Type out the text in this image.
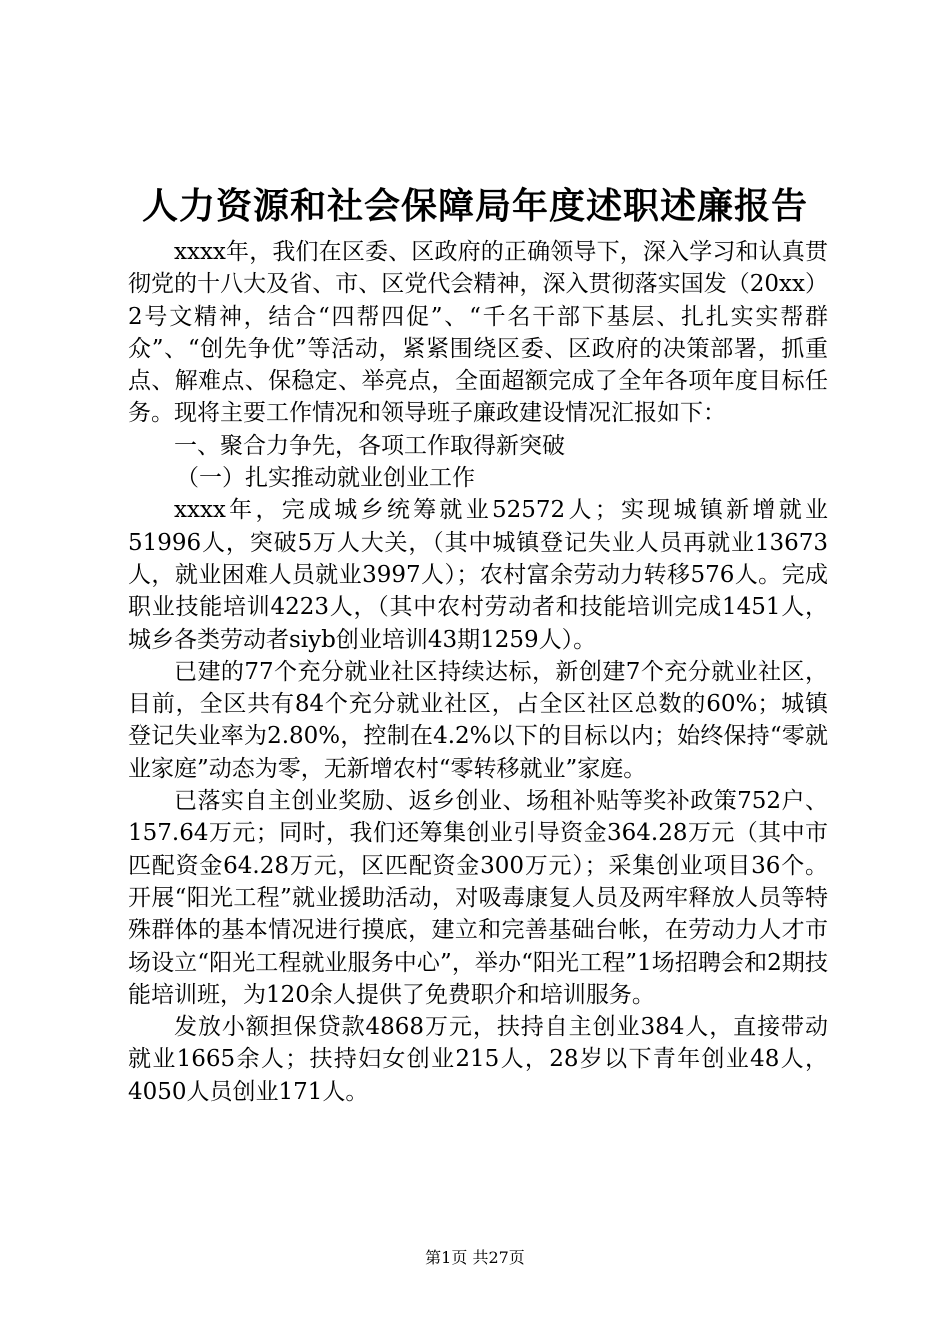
人力资源和社会保障局年度述职述廉报告

xxxx年，我们在区委、区政府的正确领导下，深入学习和认真贯彻党的十八大及省、市、区党代会精神，深入贯彻落实国发（20xx）2号文精神，结合“四帮四促”、“千名干部下基层、扎扎实实帮群众”、“创先争优”等活动，紧紧围绕区委、区政府的决策部署，抓重点、解难点、保稳定、举亮点，全面超额完成了全年各项年度目标任务。现将主要工作情况和领导班子廉政建设情况汇报如下：

一、聚合力争先，各项工作取得新突破

（一）扎实推动就业创业工作

xxxx年，完成城乡统筹就业52572人；实现城镇新增就业51996人，突破5万人大关，（其中城镇登记失业人员再就业13673人，就业困难人员就业3997人）；农村富余劳动力转移576人。完成职业技能培训4223人，（其中农村劳动者和技能培训完成1451人，城乡各类劳动者siyb创业培训43期1259人）。

已建的77个充分就业社区持续达标，新创建7个充分就业社区，目前，全区共有84个充分就业社区，占全区社区总数的60%；城镇登记失业率为2.80%，控制在4.2%以下的目标以内；始终保持“零就业家庭”动态为零，无新增农村“零转移就业”家庭。

已落实自主创业奖励、返乡创业、场租补贴等奖补政策752户、157.64万元；同时，我们还筹集创业引导资金364.28万元（其中市匹配资金64.28万元，区匹配资金300万元）；采集创业项目36个。开展“阳光工程”就业援助活动，对吸毒康复人员及两牢释放人员等特殊群体的基本情况进行摸底，建立和完善基础台帐，在劳动力人才市场设立“阳光工程就业服务中心”，举办“阳光工程”1场招聘会和2期技能培训班，为120余人提供了免费职介和培训服务。

发放小额担保贷款4868万元，扶持自主创业384人，直接带动就业1665余人；扶持妇女创业215人，28岁以下青年创业48人，4050人员创业171人。

第1页 共27页
